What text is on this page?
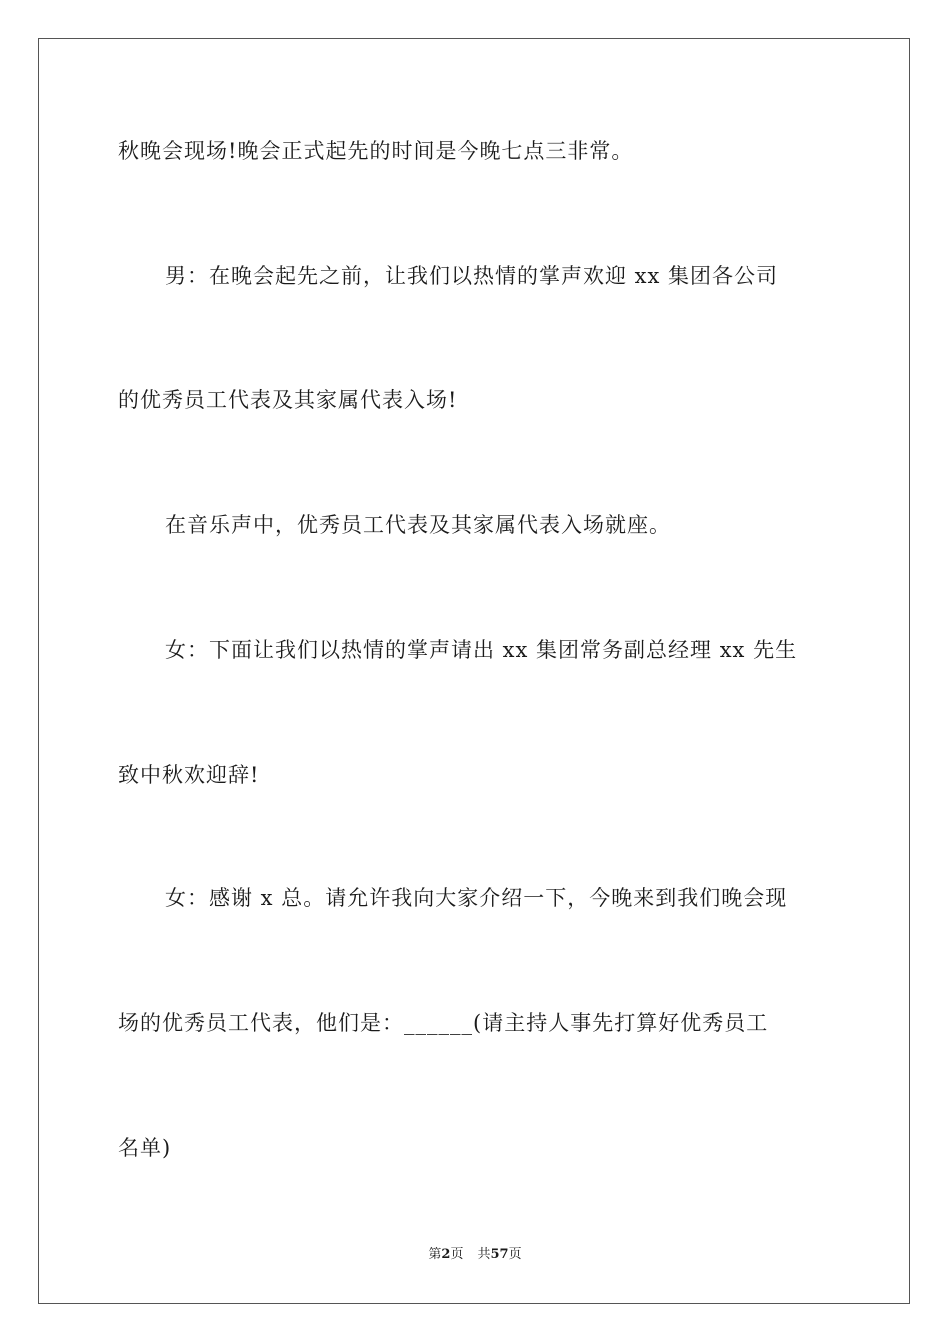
秋晚会现场!晚会正式起先的时间是今晚七点三非常。
男：在晚会起先之前，让我们以热情的掌声欢迎 xx 集团各公司
的优秀员工代表及其家属代表入场!
在音乐声中，优秀员工代表及其家属代表入场就座。
女：下面让我们以热情的掌声请出 xx 集团常务副总经理 xx 先生
致中秋欢迎辞!
女：感谢 x 总。请允许我向大家介绍一下，今晚来到我们晚会现
场的优秀员工代表，他们是：______(请主持人事先打算好优秀员工
名单)
第2页 共57页
